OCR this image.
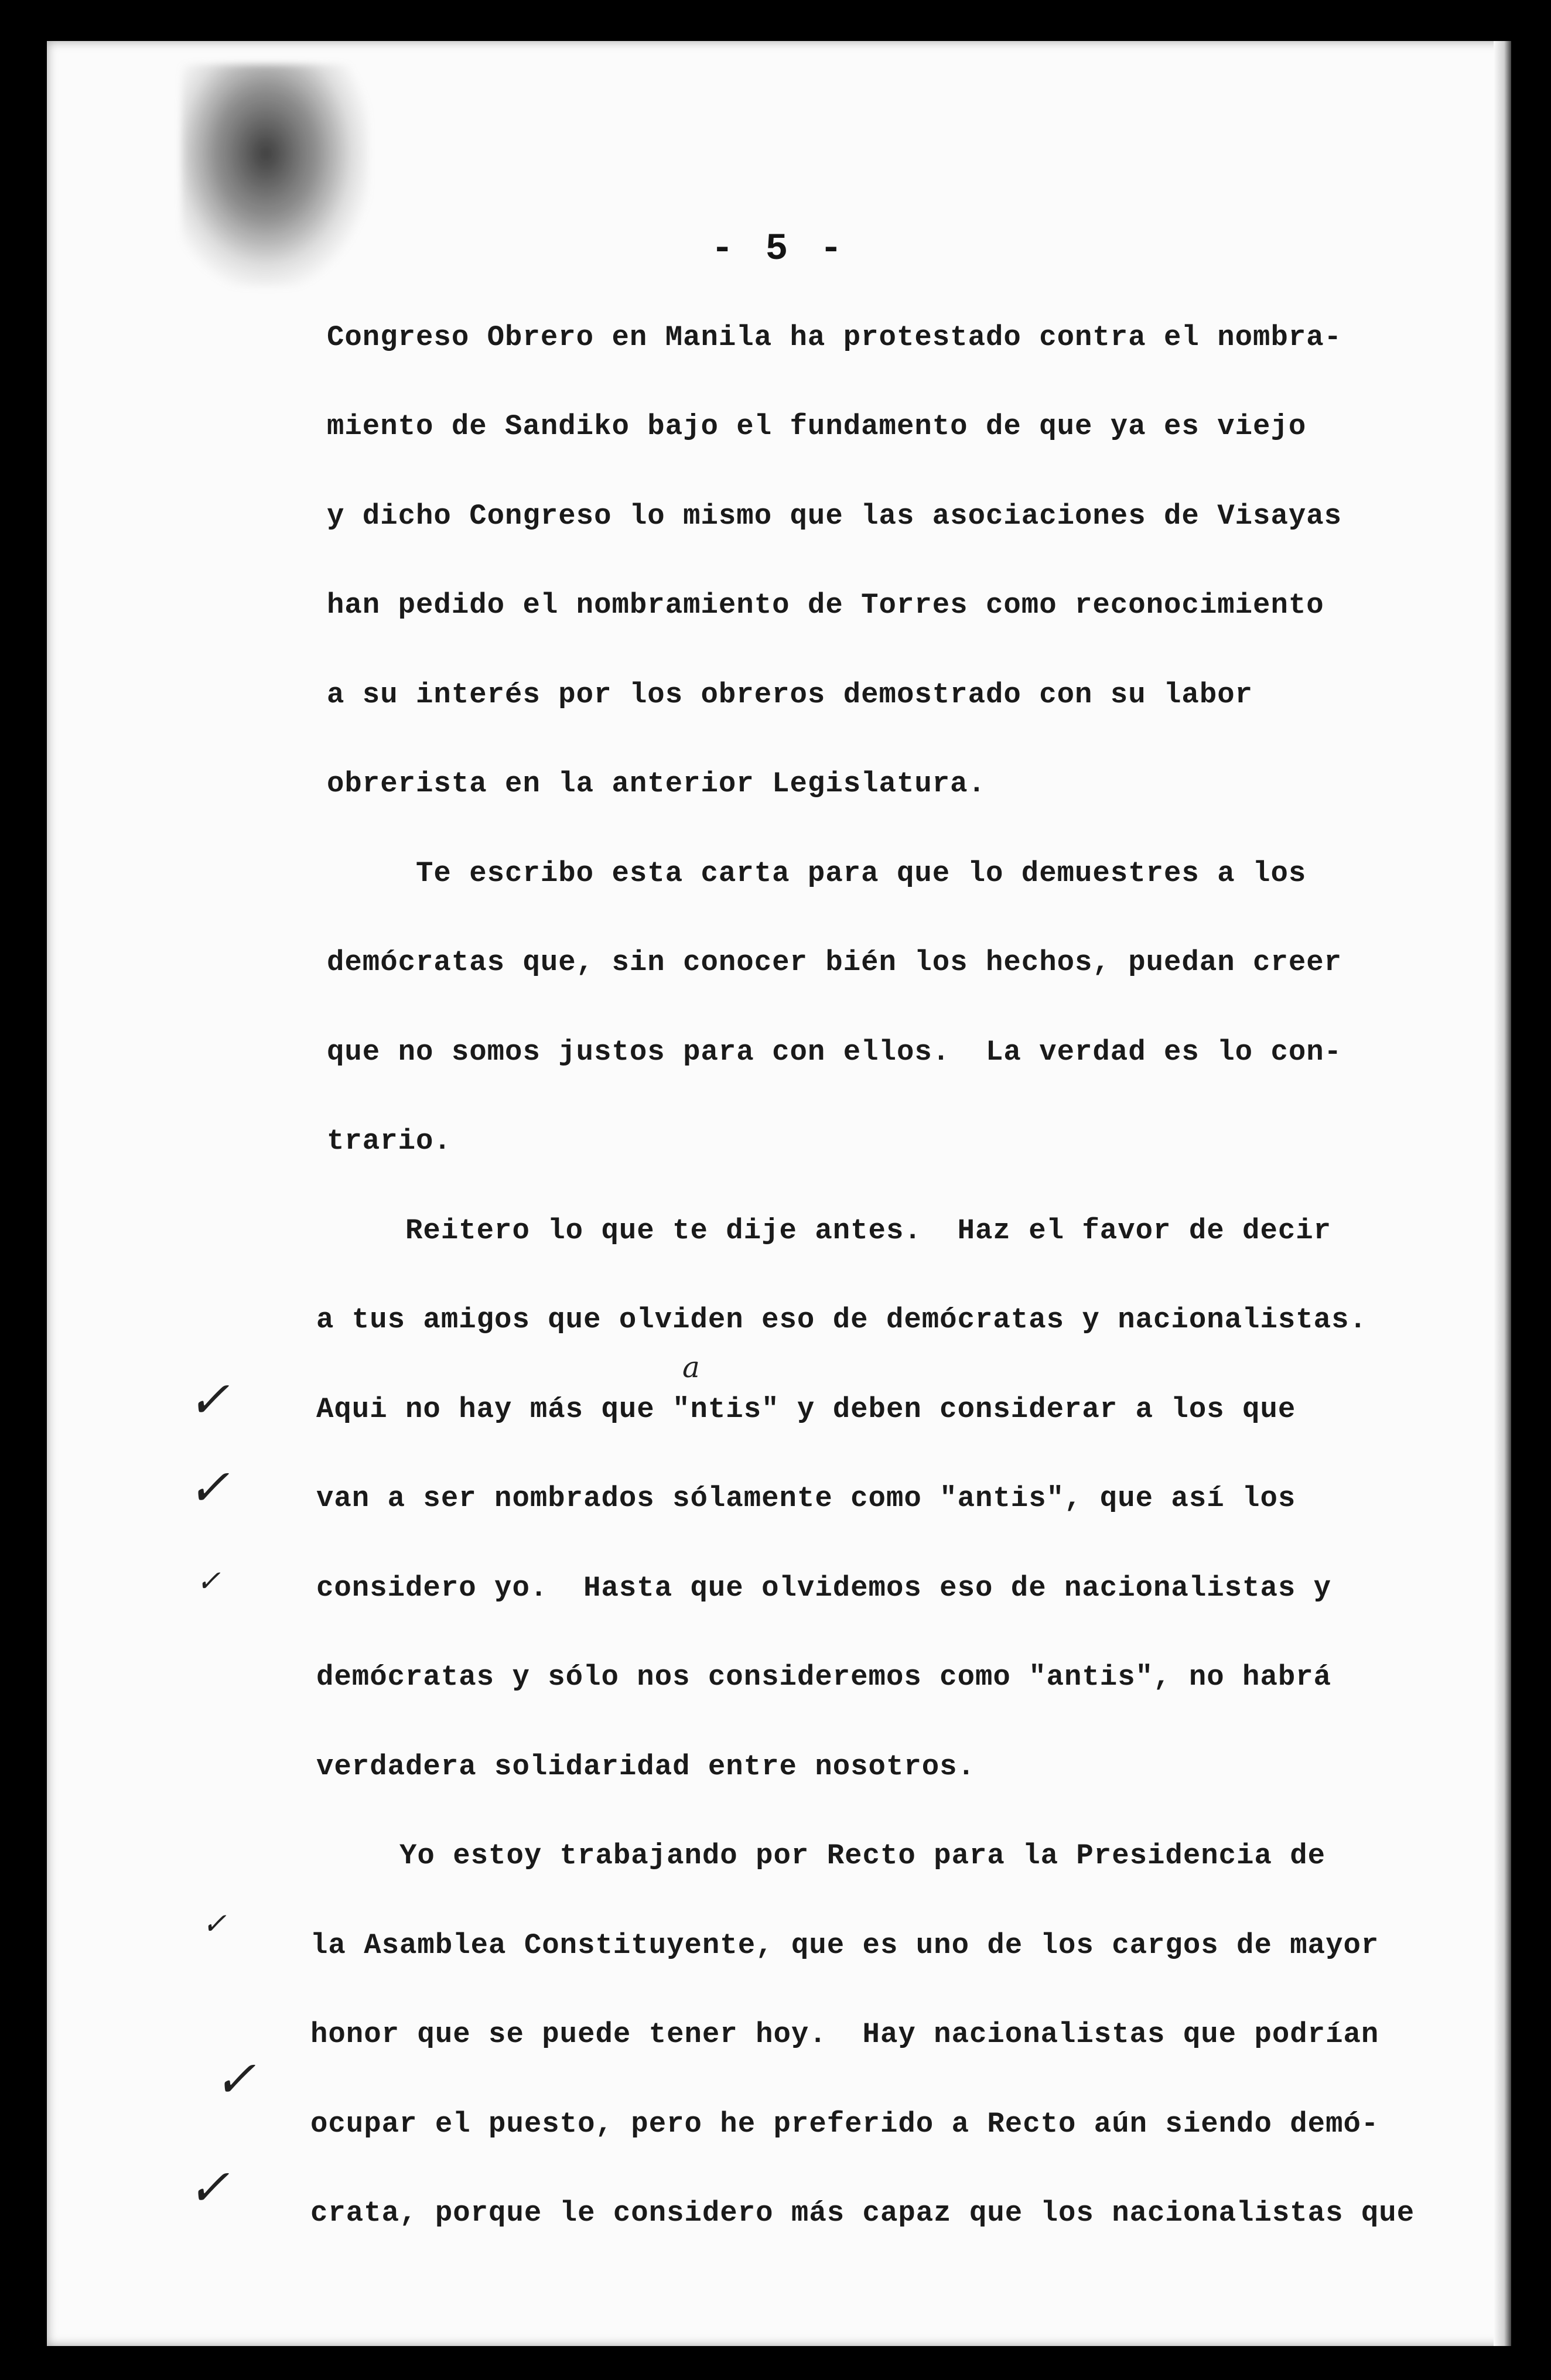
- 5 -
Congreso Obrero en Manila ha protestado contra el nombra-
miento de Sandiko bajo el fundamento de que ya es viejo
y dicho Congreso lo mismo que las asociaciones de Visayas
han pedido el nombramiento de Torres como reconocimiento
a su interés por los obreros demostrado con su labor
obrerista en la anterior Legislatura.
Te escribo esta carta para que lo demuestres a los
demócratas que, sin conocer bién los hechos, puedan creer
que no somos justos para con ellos.  La verdad es lo con-
trario.
Reitero lo que te dije antes.  Haz el favor de decir
a tus amigos que olviden eso de demócratas y nacionalistas.
Aqui no hay más que "ntis" y deben considerar a los que
van a ser nombrados sólamente como "antis", que así los
considero yo.  Hasta que olvidemos eso de nacionalistas y
demócratas y sólo nos consideremos como "antis", no habrá
verdadera solidaridad entre nosotros.
Yo estoy trabajando por Recto para la Presidencia de
la Asamblea Constituyente, que es uno de los cargos de mayor
honor que se puede tener hoy.  Hay nacionalistas que podrían
ocupar el puesto, pero he preferido a Recto aún siendo demó-
crata, porque le considero más capaz que los nacionalistas que
a
✓
✓
✓
✓
✓
✓
